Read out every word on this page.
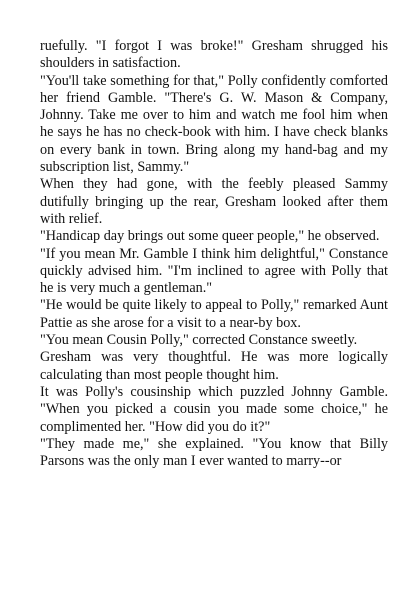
ruefully. "I forgot I was broke!" Gresham shrugged his shoulders in satisfaction.

"You'll take something for that," Polly confidently comforted her friend Gamble. "There's G. W. Mason & Company, Johnny. Take me over to him and watch me fool him when he says he has no check-book with him. I have check blanks on every bank in town. Bring along my hand-bag and my subscription list, Sammy."

When they had gone, with the feebly pleased Sammy dutifully bringing up the rear, Gresham looked after them with relief.

"Handicap day brings out some queer people," he observed.

"If you mean Mr. Gamble I think him delightful," Constance quickly advised him. "I'm inclined to agree with Polly that he is very much a gentleman."

"He would be quite likely to appeal to Polly," remarked Aunt Pattie as she arose for a visit to a near-by box.

"You mean Cousin Polly," corrected Constance sweetly.

Gresham was very thoughtful. He was more logically calculating than most people thought him.

It was Polly's cousinship which puzzled Johnny Gamble. "When you picked a cousin you made some choice," he complimented her. "How did you do it?"

"They made me," she explained. "You know that Billy Parsons was the only man I ever wanted to marry--or
